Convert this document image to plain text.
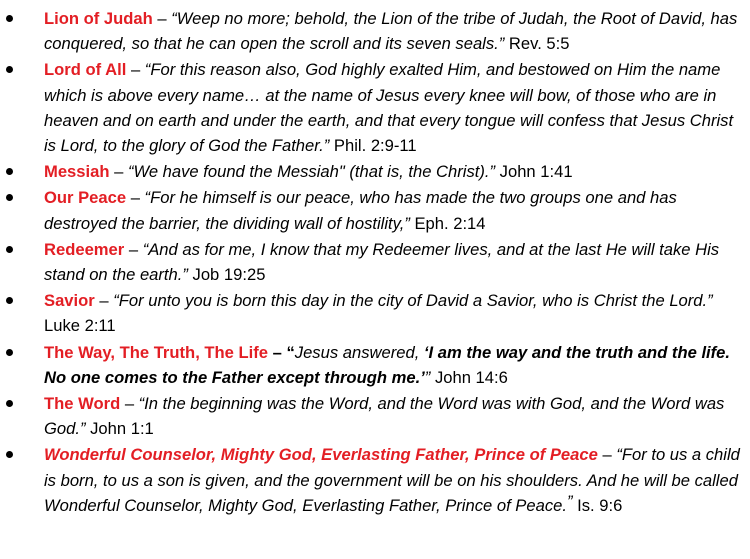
Lion of Judah – “Weep no more; behold, the Lion of the tribe of Judah, the Root of David, has conquered, so that he can open the scroll and its seven seals.” Rev. 5:5
Lord of All – “For this reason also, God highly exalted Him, and bestowed on Him the name which is above every name… at the name of Jesus every knee will bow, of those who are in heaven and on earth and under the earth, and that every tongue will confess that Jesus Christ is Lord, to the glory of God the Father.” Phil. 2:9-11
Messiah – “We have found the Messiah" (that is, the Christ).” John 1:41
Our Peace – “For he himself is our peace, who has made the two groups one and has destroyed the barrier, the dividing wall of hostility,” Eph. 2:14
Redeemer – “And as for me, I know that my Redeemer lives, and at the last He will take His stand on the earth.” Job 19:25
Savior – “For unto you is born this day in the city of David a Savior, who is Christ the Lord.” Luke 2:11
The Way, The Truth, The Life – “Jesus answered, ‘I am the way and the truth and the life. No one comes to the Father except through me.’” John 14:6
The Word – “In the beginning was the Word, and the Word was with God, and the Word was God.” John 1:1
Wonderful Counselor, Mighty God, Everlasting Father, Prince of Peace – “For to us a child is born, to us a son is given, and the government will be on his shoulders. And he will be called Wonderful Counselor, Mighty God, Everlasting Father, Prince of Peace.” Is. 9:6
